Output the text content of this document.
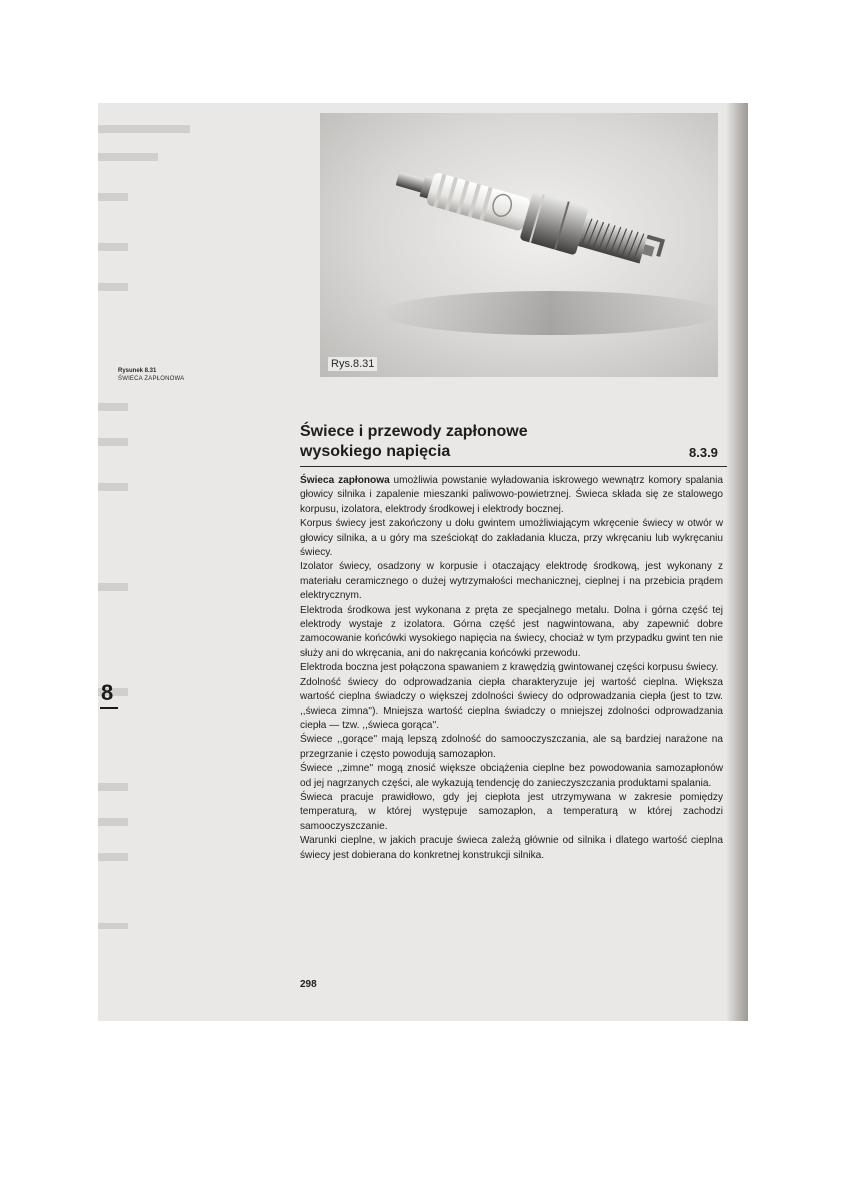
Rys.8.31
Rysunek 8.31
ŚWIECA ZAPŁONOWA
8
Świece i przewody zapłonowe
wysokiego napięcia	8.3.9

Świeca zapłonowa umożliwia powstanie wyładowania iskrowego wewnątrz komory spalania głowicy silnika i zapalenie mieszanki paliwowo-powietrznej. Świeca składa się ze stalowego korpusu, izolatora, elektrody środkowej i elektrody bocznej.

Korpus świecy jest zakończony u dołu gwintem umożliwiającym wkręcenie świecy w otwór w głowicy silnika, a u góry ma sześciokąt do zakładania klucza, przy wkręcaniu lub wykręcaniu świecy.

Izolator świecy, osadzony w korpusie i otaczający elektrodę środkową, jest wykonany z materiału ceramicznego o dużej wytrzymałości mechanicznej, cieplnej i na przebicia prądem elektrycznym.

Elektroda środkowa jest wykonana z pręta ze specjalnego metalu. Dolna i górna część tej elektrody wystaje z izolatora. Górna część jest nagwintowana, aby zapewnić dobre zamocowanie końcówki wysokiego napięcia na świecy, chociaż w tym przypadku gwint ten nie służy ani do wkręcania, ani do nakręcania końcówki przewodu.

Elektroda boczna jest połączona spawaniem z krawędzią gwintowanej części korpusu świecy.

Zdolność świecy do odprowadzania ciepła charakteryzuje jej wartość cieplna. Większa wartość cieplna świadczy o większej zdolności świecy do odprowadzania ciepła (jest to tzw. ,,świeca zimna''). Mniejsza wartość cieplna świadczy o mniejszej zdolności odprowadzania ciepła — tzw. ,,świeca gorąca''.

Świece ,,gorące'' mają lepszą zdolność do samooczyszczania, ale są bardziej narażone na przegrzanie i często powodują samozapłon.

Świece ,,zimne'' mogą znosić większe obciążenia cieplne bez powodowania samozapłonów od jej nagrzanych części, ale wykazują tendencję do zanieczyszczania produktami spalania.

Świeca pracuje prawidłowo, gdy jej ciepłota jest utrzymywana w zakresie pomiędzy temperaturą, w której występuje samozapłon, a temperaturą w której zachodzi samooczyszczanie.

Warunki cieplne, w jakich pracuje świeca zależą głównie od silnika i dlatego wartość cieplna świecy jest dobierana do konkretnej konstrukcji silnika.

298
